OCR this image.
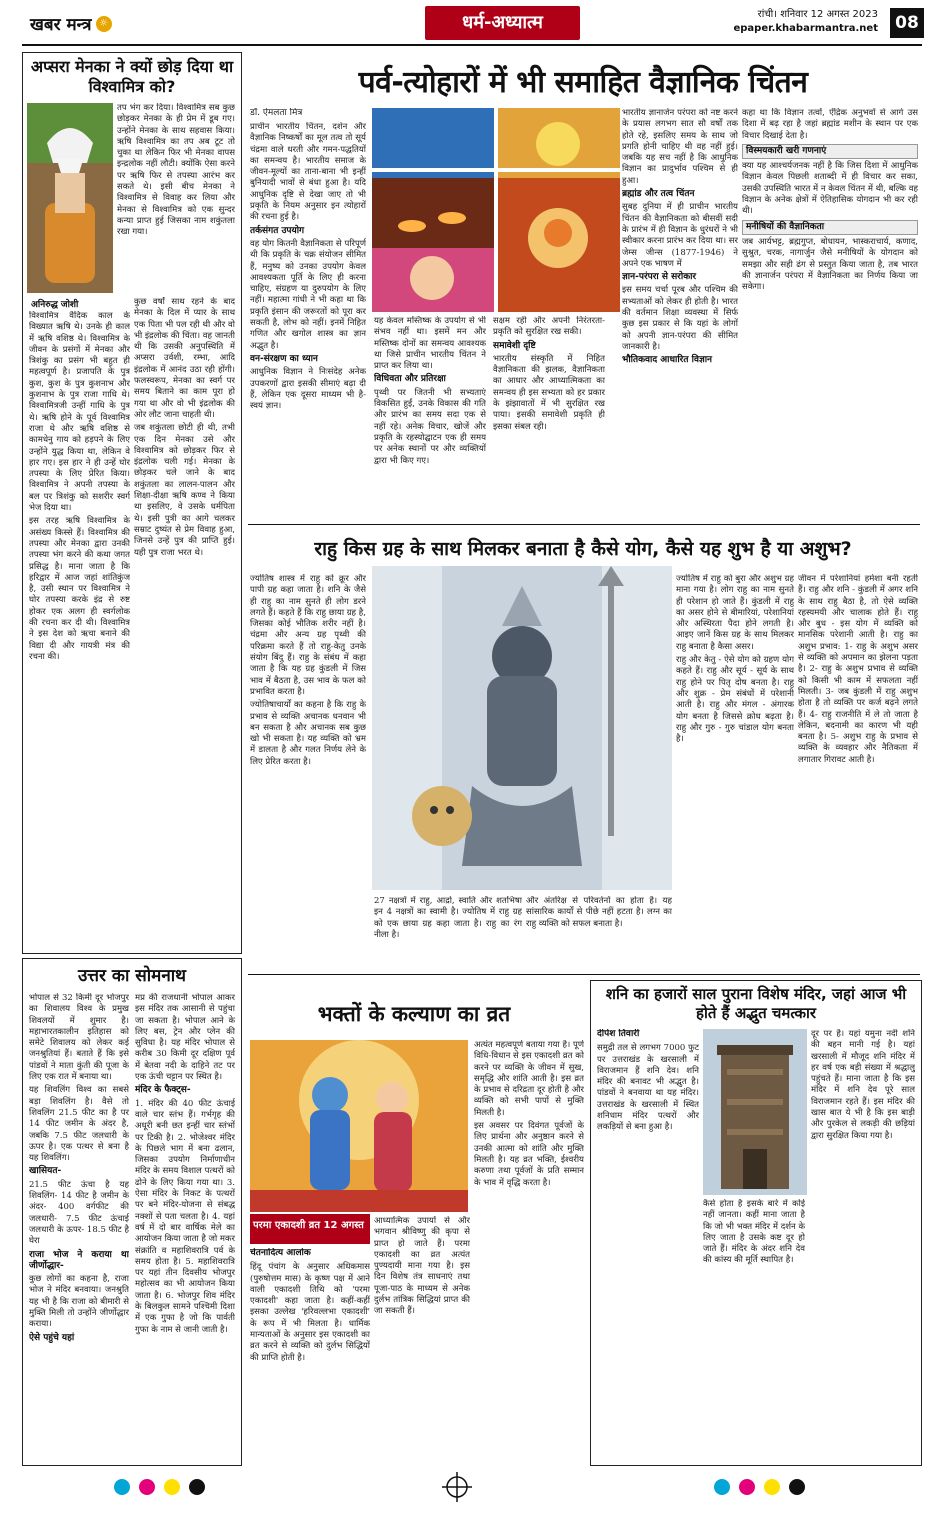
खबर मन्त्र ☼	धर्म-अध्यात्म	रांची। शनिवार 12 अगस्त 2023
epaper.khabarmantra.net	08
अप्सरा मेनका ने क्यों छोड़ दिया था विश्वामित्र को?
अनिरुद्ध जोशी

तप भंग कर दिया। विश्वामित्र सब कुछ छोड़कर मेनका के ही प्रेम में डूब गए। उन्होंने मेनका के साथ सहवास किया। ऋषि विश्वामित्र का तप अब टूट तो चुका था लेकिन फिर भी मेनका वापस इन्द्रलोक नहीं लौटी। क्योंकि ऐसा करने पर ऋषि फिर से तपस्या आरंभ कर सकते थे। इसी बीच मेनका ने विश्वामित्र से विवाह कर लिया और मेनका से विश्वामित्र को एक सुन्दर कन्या प्राप्त हुई जिसका नाम शकुंतला रखा गया।

विश्वामित्र वैदिक काल के विख्यात ऋषि थे। उनके ही काल में ऋषि वशिष्ठ थे। विश्वामित्र के जीवन के प्रसंगों में मेनका और त्रिशंकु का प्रसंग भी बहुत ही महत्वपूर्ण है। प्रजापति के पुत्र कुश, कुश के पुत्र कुशनाभ और कुशनाभ के पुत्र राजा गाधि थे। विश्वामित्रजी उन्हीं गाधि के पुत्र थे। ऋषि होने के पूर्व विश्वामित्र राजा थे और ऋषि वशिष्ठ से कामधेनु गाय को हड़पने के लिए उन्होंने युद्ध किया था, लेकिन वे हार गए। इस हार ने ही उन्हें घोर तपस्या के लिए प्रेरित किया। विश्वामित्र ने अपनी तपस्या के बल पर त्रिशंकु को सशरीर स्वर्ग भेज दिया था।

इस तरह ऋषि विश्वामित्र के असंख्य किस्से हैं। विश्वामित्र की तपस्या और मेनका द्वारा उनकी तपस्या भंग करने की कथा जगत प्रसिद्ध है। माना जाता है कि हरिद्वार में आज जहां शांतिकुंज है, उसी स्थान पर विश्वामित्र ने घोर तपस्या करके इंद्र से रुष्ट होकर एक अलग ही स्वर्गलोक की रचना कर दी थी। विश्वामित्र ने इस देश को ऋचा बनाने की विद्या दी और गायत्री मंत्र की रचना की।

कुछ वर्षों साथ रहने के बाद मेनका के दिल में प्यार के साथ एक पिता भी पल रही थी और वो भी इंद्रलोक की चिंता। वह जानती थी कि उसकी अनुपस्थिति में अप्सरा उर्वशी, रम्भा, आदि इंद्रलोक में आनंद उठा रही होंगी। फलस्वरूप, मेनका का स्वर्ग पर समय बिताने का काम पूरा हो गया था और वो भी इंद्रलोक की ओर लौट जाना चाहती थी।

जब शकुंतला छोटी ही थी, तभी एक दिन मेनका उसे और विश्वामित्र को छोड़कर फिर से इंद्रलोक चली गई। मेनका के छोड़कर चले जाने के बाद शकुंतला का लालन-पालन और शिक्षा-दीक्षा ऋषि कण्व ने किया था इसलिए, वे उसके धर्मपिता थे। इसी पुत्री का आगे चलकर सम्राट दुष्यंत से प्रेम विवाह हुआ, जिनसे उन्हें पुत्र की प्राप्ति हुई। यही पुत्र राजा भरत थे।

उत्तर का सोमनाथ

भोपाल से 32 किमी दूर भोजपुर का शिवालय विश्व के प्रमुख शिवलयों में शुमार है। महाभारतकालीन इतिहास को समेटे शिवालय को लेकर कई जनश्रुतियां हैं। बताते हैं कि इसे पांडवों ने माता कुंती की पूजा के लिए एक रात में बनाया था।

यह शिवलिंग विश्व का सबसे बड़ा शिवलिंग है। वैसे तो शिवलिंग 21.5 फीट का है पर 14 फीट जमीन के अंदर है, जबकि 7.5 फीट जलधारी के ऊपर है। एक पत्थर से बना है यह शिवलिंग।

खासियत-

21.5 फीट ऊंचा है यह शिवलिंग- 14 फीट है जमीन के अंदर- 400 वर्गफीट की जलधारी- 7.5 फीट ऊंचाई जलधारी के ऊपर- 18.5 फीट है घेरा

राजा भोज ने कराया था जीर्णोद्धार-

कुछ लोगों का कहना है, राजा भोज ने मंदिर बनवाया। जनश्रुति यह भी है कि राजा को बीमारी से मुक्ति मिली तो उन्होंने जीर्णोद्धार कराया।

ऐसे पहुंचे यहां

मप्र की राजधानी भोपाल आकर इस मंदिर तक आसानी से पहुंचा जा सकता है। भोपाल आने के लिए बस, ट्रेन और प्लेन की सुविधा है। यह मंदिर भोपाल से करीब 30 किमी दूर दक्षिण पूर्व में बेतवा नदी के दाहिने तट पर एक ऊंची चट्टान पर स्थित है।

मंदिर के फैक्ट्स-

1. मंदिर की 40 फीट ऊंचाई वाले चार स्तंभ हैं। गर्भगृह की अधूरी बनी छत इन्हीं चार स्तंभों पर टिकी है। 2. भोजेश्वर मंदिर के पिछले भाग में बना ढलान, जिसका उपयोग निर्माणाधीन मंदिर के समय विशाल पत्थरों को ढोने के लिए किया गया था। 3. ऐसा मंदिर के निकट के पत्थरों पर बने मंदिर-योजना से संबद्ध नक्शों से पता चलता है। 4. यहां वर्ष में दो बार वार्षिक मेले का आयोजन किया जाता है जो मकर संक्रांति व महाशिवरात्रि पर्व के समय होता है। 5. महाशिवरात्रि पर यहां तीन दिवसीय भोजपुर महोत्सव का भी आयोजन किया जाता है। 6. भोजपुर शिव मंदिर के बिलकुल सामने पश्चिमी दिशा में एक गुफा है जो कि पार्वती गुफा के नाम से जानी जाती है।

पर्व-त्योहारों में भी समाहित वैज्ञानिक चिंतन
डॉ. ऐमलता मित्र

प्राचीन भारतीय चिंतन, दर्शन और वैज्ञानिक निष्कर्षों का मूल तत्व तो सूर्य चंद्रमा वाले धरती और गमन-पद्धतियों का समन्वय है। भारतीय समाज के जीवन-मूल्यों का ताना-बाना भी इन्हीं बुनियादी भावों से बंधा हुआ है। यदि आधुनिक दृष्टि से देखा जाए तो भी प्रकृति के नियम अनुसार इन त्योहारों की रचना हुई है।

तर्कसंगत उपयोग

वह योग कितनी वैज्ञानिकता से परिपूर्ण थी कि प्रकृति के चक्र संयोजन सीमित हैं, मनुष्य को उनका उपयोग केवल आवश्यकता पूर्ति के लिए ही करना चाहिए, संग्रहण या दुरुपयोग के लिए नहीं। महात्मा गांधी ने भी कहा था कि प्रकृति इंसान की जरूरतों को पूरा कर सकती है, लोभ को नहीं। इनमें निहित गणित और खगोल शास्त्र का ज्ञान अद्भुत है।

वन-संरक्षण का ध्यान

आधुनिक विज्ञान ने निःसंदेह अनेक उपकरणों द्वारा इसकी सीमाएं बढ़ा दी हैं, लेकिन एक दूसरा माध्यम भी है- स्वयं ज्ञान।

यह केवल मस्तिष्क के उपयोग से भी संभव नहीं था। इसमें मन और मस्तिष्क दोनों का समन्वय आवश्यक था जिसे प्राचीन भारतीय चिंतन ने प्राप्त कर लिया था।

विधिवता और प्रतिरक्षा

पृथ्वी पर जितनी भी सभ्यताएं विकसित हुईं, उनके विकास की गति और प्रारंभ का समय सदा एक से नहीं रहे। अनेक विचार, खोजें और प्रकृति के रहस्योद्घाटन एक ही समय पर अनेक स्थानों पर और व्यक्तियों द्वारा भी किए गए।

सक्षम रही और अपनी निरंतरता-प्रकृति को सुरक्षित रख सकी।

समावेशी दृष्टि

भारतीय संस्कृति में निहित वैज्ञानिकता की झलक, वैज्ञानिकता का आधार और आध्यात्मिकता का समन्वय ही इस सभ्यता को हर प्रकार के झंझावातों में भी सुरक्षित रख पाया। इसकी समावेशी प्रकृति ही इसका संबल रही।

भारतीय ज्ञानार्जन परंपरा को नष्ट करने के प्रयास लगभग सात सौ वर्षों तक होते रहे, इसलिए समय के साथ जो प्रगति होनी चाहिए थी वह नहीं हुई। जबकि यह सच नहीं है कि आधुनिक विज्ञान का प्रादुर्भाव पश्चिम से ही हुआ।

ब्रह्मांड और तत्व चिंतन

सुबह दुनिया में ही प्राचीन भारतीय चिंतन की वैज्ञानिकता को बीसवीं सदी के प्रारंभ में ही विज्ञान के धुरंधरों ने भी स्वीकार करना प्रारंभ कर दिया था। सर जेम्स जीन्स (1877-1946) ने अपने एक भाषण में

ज्ञान-परंपरा से सरोकार

इस समय चर्चा पूरब और पश्चिम की सभ्यताओं को लेकर ही होती है। भारत की वर्तमान शिक्षा व्यवस्था में सिर्फ कुछ इस प्रकार से कि यहां के लोगों को अपनी ज्ञान-परंपरा की सीमित जानकारी है।

भौतिकवाद आधारित विज्ञान

कहा था कि विज्ञान तत्वों, ऐंद्रिक अनुभवों से आगे उस दिशा में बढ़ रहा है जहां ब्रह्मांड मशीन के स्थान पर एक विचार दिखाई देता है।

विस्मयकारी खरी गणनाएं

क्या यह आश्चर्यजनक नहीं है कि जिस दिशा में आधुनिक विज्ञान केवल पिछली शताब्दी में ही विचार कर सका, उसकी उपस्थिति भारत में न केवल चिंतन में थी, बल्कि वह विज्ञान के अनेक क्षेत्रों में ऐतिहासिक योगदान भी कर रही थी।

मनीषियों की वैज्ञानिकता

जब आर्यभट्ट, ब्रह्मगुप्त, बोधायन, भास्कराचार्य, कणाद, सुश्रुत, चरक, नागार्जुन जैसे मनीषियों के योगदान को समझा और सही ढंग से प्रस्तुत किया जाता है, तब भारत की ज्ञानार्जन परंपरा में वैज्ञानिकता का निर्णय किया जा सकेगा।

राहु किस ग्रह के साथ मिलकर बनाता है कैसे योग, कैसे यह शुभ है या अशुभ?

ज्योतिष शास्त्र में राहु को क्रूर और पापी ग्रह कहा जाता है। शनि के जैसे ही राहु का नाम सुनते ही लोग डरने लगते हैं। कहते हैं कि राहु छाया ग्रह है, जिसका कोई भौतिक शरीर नहीं है। चंद्रमा और अन्य ग्रह पृथ्वी की परिक्रमा करते हैं तो राहु-केतु उनके संयोग बिंदु हैं। राहु के संबंध में कहा जाता है कि यह ग्रह कुंडली में जिस भाव में बैठता है, उस भाव के फल को प्रभावित करता है।

ज्योतिषाचार्यों का कहना है कि राहु के प्रभाव से व्यक्ति अचानक धनवान भी बन सकता है और अचानक सब कुछ खो भी सकता है। यह व्यक्ति को भ्रम में डालता है और गलत निर्णय लेने के लिए प्रेरित करता है।

ज्योतिष में राहु को बुरा और अशुभ ग्रह माना गया है। लोग राहु का नाम सुनते ही परेशान हो जाते हैं। कुंडली में राहु का असर होने से बीमारियां, परेशानियां और अस्थिरता पैदा होने लगती है। आइए जानें किस ग्रह के साथ मिलकर राहु बनाता है कैसा असर।

राहु और केतु - ऐसे योग को ग्रहण योग कहते हैं। राहु और सूर्य - सूर्य के साथ राहु होने पर पितृ दोष बनता है। राहु और शुक्र - प्रेम संबंधों में परेशानी आती है। राहु और मंगल - अंगारक योग बनता है जिससे क्रोध बढ़ता है। राहु और गुरु - गुरु चांडाल योग बनता है।

जीवन में परेशानियां हमेशा बनी रहती हैं। राहु और शनि - कुंडली में अगर शनि के साथ राहु बैठा है, तो ऐसे व्यक्ति रहस्यमयी और चालाक होते हैं। राहु और बुध - इस योग में व्यक्ति को मानसिक परेशानी आती है। राहु का अशुभ प्रभाव: 1- राहु के अशुभ असर से व्यक्ति को अपमान का झेलना पड़ता है। 2- राहु के अशुभ प्रभाव से व्यक्ति को किसी भी काम में सफलता नहीं मिलती। 3- जब कुंडली में राहु अशुभ होता है तो व्यक्ति पर कर्ज बढ़ने लगते हैं। 4- राहु राजनीति में ले तो जाता है लेकिन, बदनामी का कारण भी यही बनता है। 5- अशुभ राहु के प्रभाव से व्यक्ति के व्यवहार और नैतिकता में लगातार गिरावट आती है।

27 नक्षत्रों में राहु, आर्द्रा, स्वाति और शतभिषा इन 4 नक्षत्रों का स्वामी है। ज्योतिष में राहु ग्रह को एक छाया ग्रह कहा जाता है। राहु का रंग नीला है।

और अंतरिक्ष से परिवर्तनों का होता है। यह सांसारिक कार्यों से पीछे नहीं हटता है। लग्न का राहु व्यक्ति को सफल बनाता है।

भक्तों के कल्याण का व्रत
परमा एकादशी व्रत 12 अगस्त
चेतनादित्य आलोक

हिंदू पंचांग के अनुसार अधिकमास (पुरुषोत्तम मास) के कृष्ण पक्ष में आने वाली एकादशी तिथि को 'परमा एकादशी' कहा जाता है। कहीं-कहीं इसका उल्लेख 'हरिवल्लभा एकादशी' के रूप में भी मिलता है। धार्मिक मान्यताओं के अनुसार इस एकादशी का व्रत करने से व्यक्ति को दुर्लभ सिद्धियों की प्राप्ति होती है।

आध्यात्मिक उपायों से और भगवान श्रीविष्णु की कृपा से प्राप्त हो जाते हैं। परमा एकादशी का व्रत अत्यंत पुण्यदायी माना गया है। इस दिन विशेष तंत्र साधनाएं तथा पूजा-पाठ के माध्यम से अनेक दुर्लभ तांत्रिक सिद्धियां प्राप्त की जा सकती हैं।

अत्यंत महत्वपूर्ण बताया गया है। पूर्ण विधि-विधान से इस एकादशी व्रत को करने पर व्यक्ति के जीवन में सुख, समृद्धि और शांति आती है। इस व्रत के प्रभाव से दरिद्रता दूर होती है और व्यक्ति को सभी पापों से मुक्ति मिलती है।

इस अवसर पर दिवंगत पूर्वजों के लिए प्रार्थना और अनुष्ठान करने से उनकी आत्मा को शांति और मुक्ति मिलती है। यह व्रत भक्ति, ईश्वरीय करुणा तथा पूर्वजों के प्रति सम्मान के भाव में वृद्धि करता है।

शनि का हजारों साल पुराना विशेष मंदिर, जहां आज भी होते हैं अद्भुत चमत्कार
दीपेश तिवारी

समुद्री तल से लगभग 7000 फुट पर उत्तराखंड के खरसाली में विराजमान हैं शनि देव। शनि मंदिर की बनावट भी अद्भुत है। पांडवों ने बनवाया था यह मंदिर। उत्तराखंड के खरसाली में स्थित शनिधाम मंदिर पत्थरों और लकड़ियों से बना हुआ है।

कैसे होता है इसके बारे में कोई नहीं जानता। कहीं माना जाता है कि जो भी भक्त मंदिर में दर्शन के लिए जाता है उसके कष्ट दूर हो जाते हैं। मंदिर के अंदर शनि देव की कांस्य की मूर्ति स्थापित है।

दूर पर है। यहां यमुना नदी शनि की बहन मानी गई है। यहां खरसाली में मौजूद शनि मंदिर में हर वर्ष एक बड़ी संख्या में श्रद्धालु पहुंचते हैं। माना जाता है कि इस मंदिर में शनि देव पूरे साल विराजमान रहते हैं। इस मंदिर की खास बात ये भी है कि इस बाड़ी और पुरकेल से लकड़ी की छड़ियां द्वारा सुरक्षित किया गया है।
